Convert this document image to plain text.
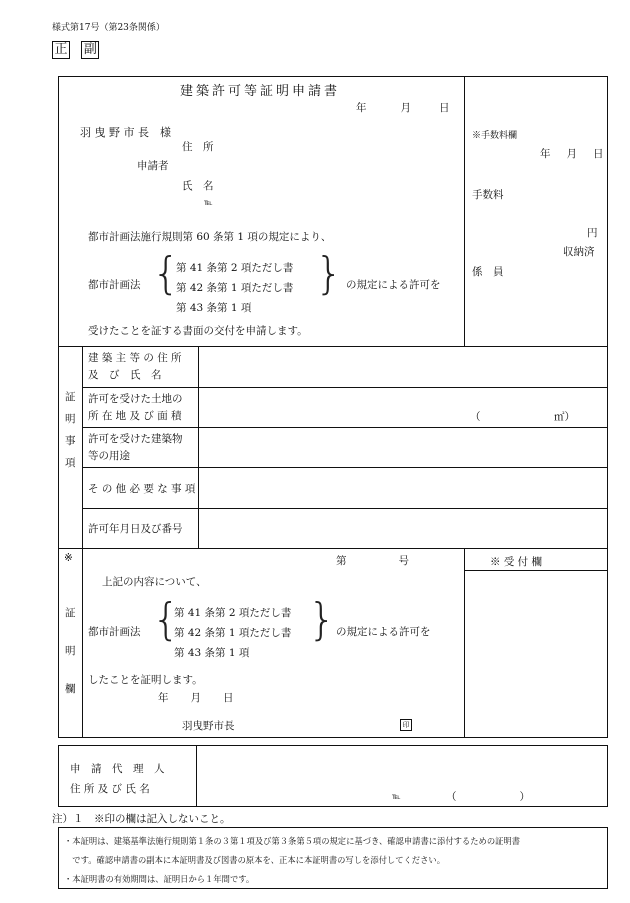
様式第17号（第23条関係）
正 副
建築許可等証明申請書
年	月	日
羽 曳 野 市 長　様
住　所
申請者
氏　名
℡
都市計画法施行規則第 60 条第 1 項の規定により、
都市計画法 {
第 41 条第 2 項ただし書
第 42 条第 1 項ただし書
第 43 条第 1 項
} の規定による許可を
受けたことを証する書面の交付を申請します。
※手数料欄
年 月 日
手数料
円
収納済
係　員
証
明
事
項
建 築 主 等 の 住 所
及　び　氏　名
許可を受けた土地の
所 在 地 及 び 面 積	（　　　　　　　㎡）
許可を受けた建築物
等の用途
そ の 他 必 要 な 事 項
許可年月日及び番号
※
証
明
欄
第	号	※ 受 付 欄
上記の内容について、
都市計画法 {
第 41 条第 2 項ただし書
第 42 条第 1 項ただし書
第 43 条第 1 項
} の規定による許可を
したことを証明します。
年 月 日
羽曳野市長	印
申　請　代　理　人
住 所 及 び 氏 名
℡	（　　　　　　）
注）１　※印の欄は記入しないこと。
・本証明は、建築基準法施行規則第１条の３第１項及び第３条第５項の規定に基づき、確認申請書に添付するための証明書
　です。確認申請書の副本に本証明書及び図書の原本を、正本に本証明書の写しを添付してください。
・本証明書の有効期間は、証明日から１年間です。
